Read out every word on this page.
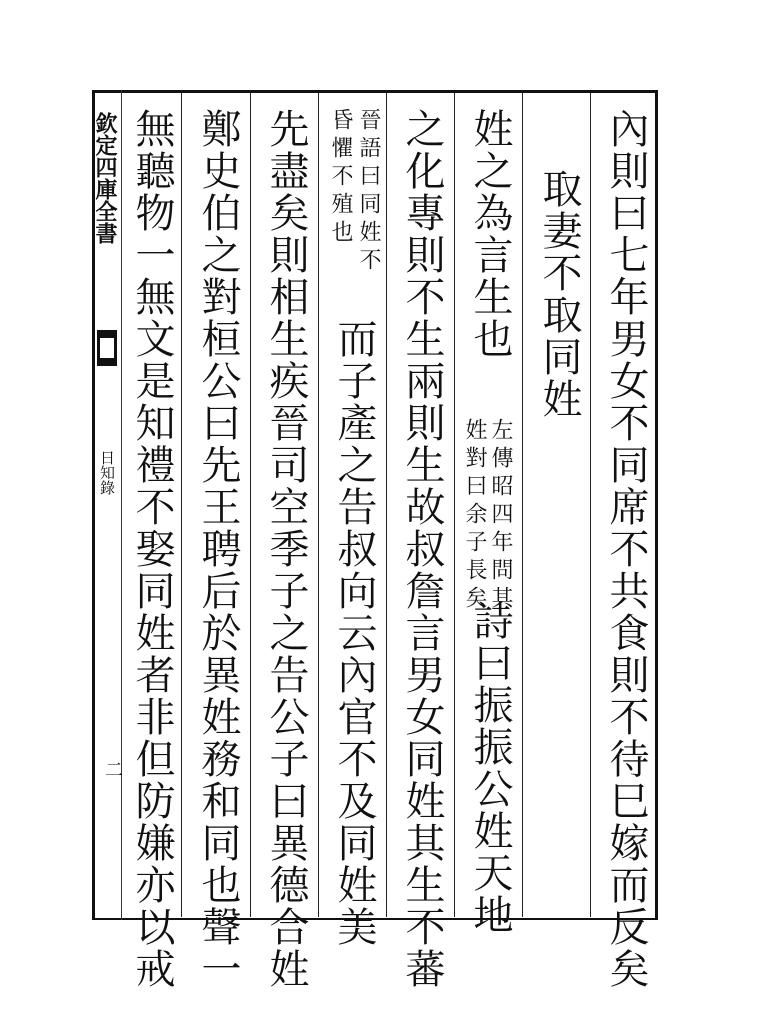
欽定四庫全書
日知錄
二	內則曰七年男女不同席不共食則不待巳嫁而反矣
取妻不取同姓
姓之為言生也
左傳昭四年問其
姓對曰余子長矣
詩曰振振公姓天地
之化專則不生兩則生故叔詹言男女同姓其生不蕃
晉語曰同姓不
昏懼不殖也
而子產之告叔向云內官不及同姓美
先盡矣則相生疾晉司空季子之告公子曰異德合姓
鄭史伯之對桓公曰先王聘后於異姓務和同也聲一
無聽物一無文是知禮不娶同姓者非但防嫌亦以戒
